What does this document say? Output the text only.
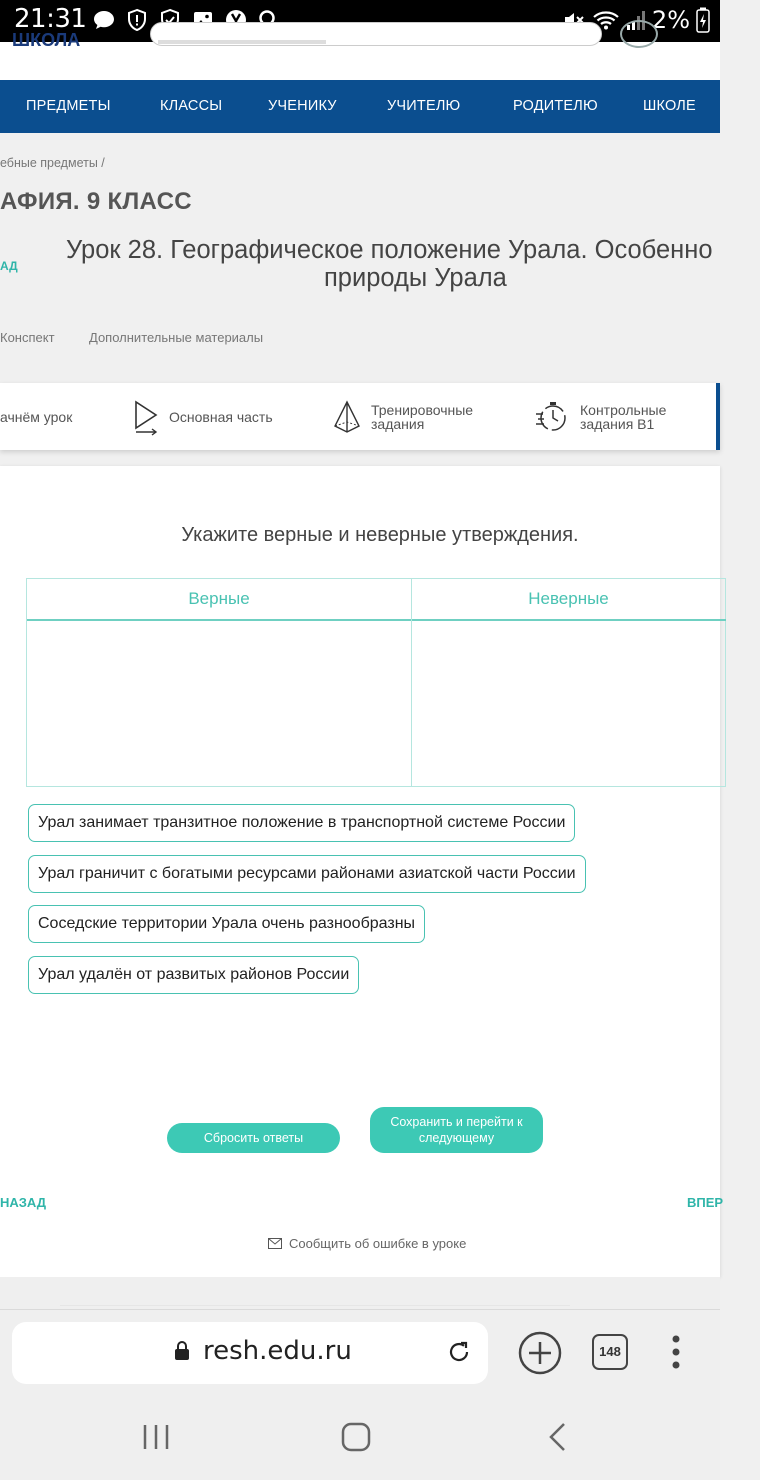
21:31	2%
ШКОЛА
ПРЕДМЕТЫ	КЛАССЫ	УЧЕНИКУ	УЧИТЕЛЮ	РОДИТЕЛЮ	ШКОЛЕ
ебные предметы /
АФИЯ. 9 КЛАСС
АД
Урок 28. Географическое положение Урала. Особенно
природы Урала
Конспект	Дополнительные материалы
ачнём урок	Основная часть	Тренировочные
задания
Контрольные
задания В1
Укажите верные и неверные утверждения.
Верные	Неверные
Урал занимает транзитное положение в транспортной системе России
Урал граничит с богатыми ресурсами районами азиатской части России
Соседские территории Урала очень разнообразны
Урал удалён от развитых районов России
Сбросить ответы
Сохранить и перейти к
следующему
НАЗАД	ВПЕР
Сообщить об ошибке в уроке
resh.edu.ru	148
